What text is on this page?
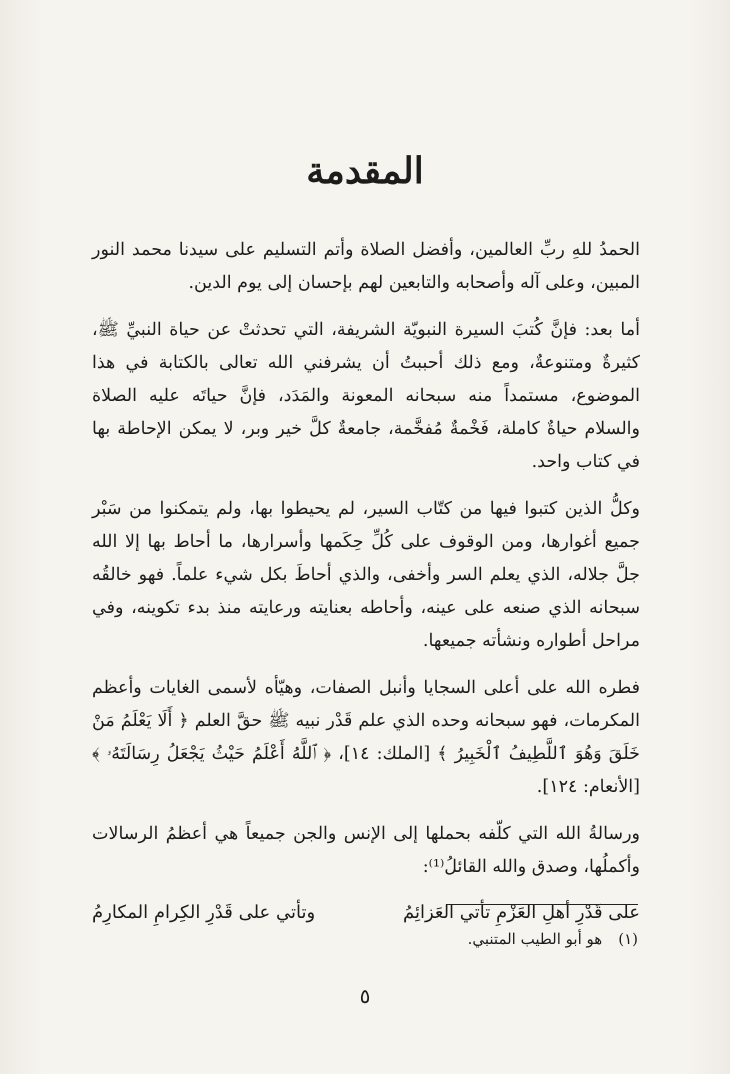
المقدمة

الحمدُ للهِ ربِّ العالمين، وأفضل الصلاة وأتم التسليم على سيدنا محمد النور المبين، وعلى آله وأصحابه والتابعين لهم بإحسان إلى يوم الدين.

أما بعد: فإنَّ كُتبَ السيرة النبويّة الشريفة، التي تحدثتْ عن حياة النبيِّ ﷺ، كثيرةٌ ومتنوعةٌ، ومع ذلك أحببتُ أن يشرفني الله تعالى بالكتابة في هذا الموضوع، مستمداً منه سبحانه المعونة والمَدَد، فإنَّ حياتَه عليه الصلاة والسلام حياةٌ كاملة، فَخْمةٌ مُفخَّمة، جامعةٌ كلَّ خير وبر، لا يمكن الإحاطة بها في كتاب واحد.

وكلُّ الذين كتبوا فيها من كتّاب السير، لم يحيطوا بها، ولم يتمكنوا من سَبْر جميع أغوارها، ومن الوقوف على كُلِّ حِكَمها وأسرارها، ما أحاط بها إلا الله جلَّ جلاله، الذي يعلم السر وأخفى، والذي أحاطَ بكل شيء علماً. فهو خالقُه سبحانه الذي صنعه على عينه، وأحاطه بعنايته ورعايته منذ بدء تكوينه، وفي مراحل أطواره ونشأته جميعها.

فطره الله على أعلى السجايا وأنبل الصفات، وهيّأه لأسمى الغايات وأعظم المكرمات، فهو سبحانه وحده الذي علم قَدْر نبيه ﷺ حقَّ العلم ﴿ أَلَا يَعْلَمُ مَنْ خَلَقَ وَهُوَ ٱللَّطِيفُ ٱلْخَبِيرُ ﴾ [الملك: ١٤]، ﴿ ٱللَّهُ أَعْلَمُ حَيْثُ يَجْعَلُ رِسَالَتَهُۥ ﴾ [الأنعام: ١٢٤].

ورسالةُ الله التي كلّفه بحملها إلى الإنس والجن جميعاً هي أعظمُ الرسالات وأكملُها، وصدق والله القائلُ⁽¹⁾:

على قَدْرِ أهلِ العَزْمِ تأتي العَزائِمُ
وتأتي على قَدْرِ الكِرامِ المكارِمُ
(١)هو أبو الطيب المتنبي.
٥
